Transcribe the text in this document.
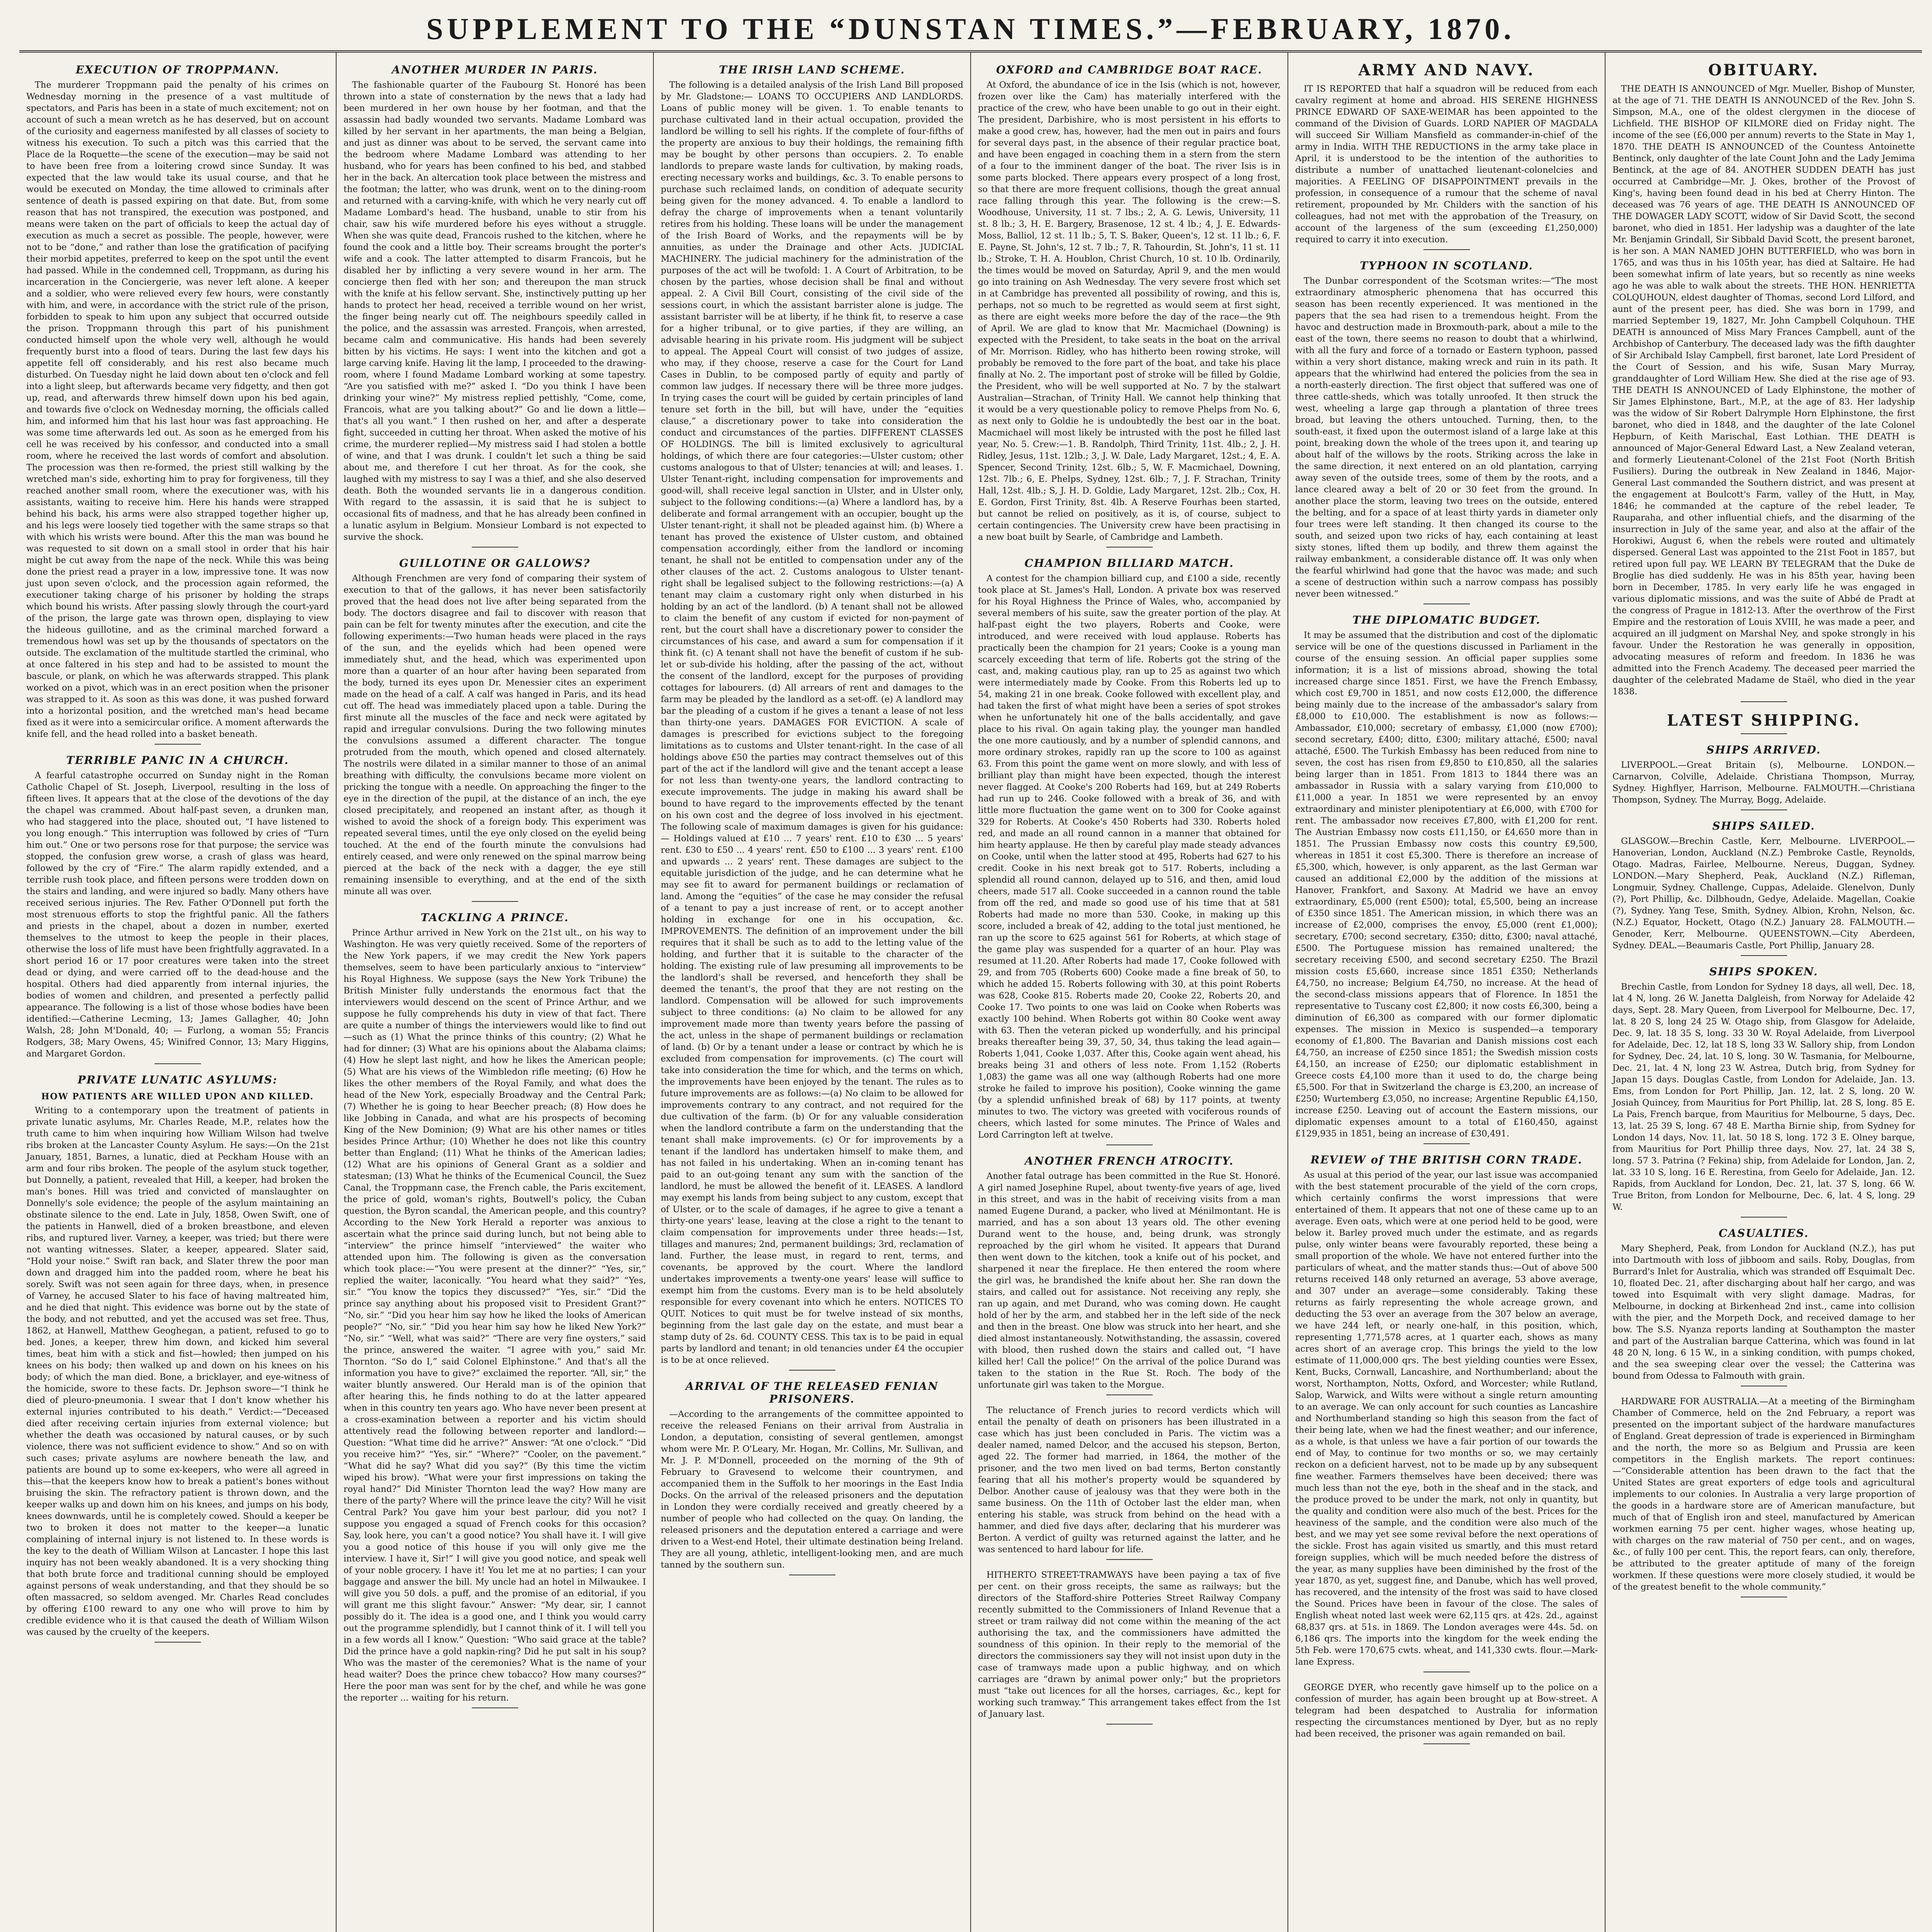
SUPPLEMENT TO THE “DUNSTAN TIMES.”—FEBRUARY, 1870.
EXECUTION OF TROPPMANN.

The murderer Troppmann paid the penalty of his crimes on Wednesday morning in the presence of a vast multitude of spectators, and Paris has been in a state of much excitement; not on account of such a mean wretch as he has deserved, but on account of the curiosity and eagerness manifested by all classes of society to witness his execution. To such a pitch was this carried that the Place de la Roquette—the scene of the execution—may be said not to have been free from a loitering crowd since Sunday. It was expected that the law would take its usual course, and that he would be executed on Monday, the time allowed to criminals after sentence of death is passed expiring on that date. But, from some reason that has not transpired, the execution was postponed, and means were taken on the part of officials to keep the actual day of execution as much a secret as possible. The people, however, were not to be “done,” and rather than lose the gratification of pacifying their morbid appetites, preferred to keep on the spot until the event had passed. While in the condemned cell, Troppmann, as during his incarceration in the Conciergerie, was never left alone. A keeper and a soldier, who were relieved every few hours, were constantly with him, and were, in accordance with the strict rule of the prison, forbidden to speak to him upon any subject that occurred outside the prison. Troppmann through this part of his punishment conducted himself upon the whole very well, although he would frequently burst into a flood of tears. During the last few days his appetite fell off considerably, and his rest also became much disturbed. On Tuesday night he laid down about ten o'clock and fell into a light sleep, but afterwards became very fidgetty, and then got up, read, and afterwards threw himself down upon his bed again, and towards five o'clock on Wednesday morning, the officials called him, and informed him that his last hour was fast approaching. He was some time afterwards led out. As soon as he emerged from his cell he was received by his confessor, and conducted into a small room, where he received the last words of comfort and absolution. The procession was then re-formed, the priest still walking by the wretched man's side, exhorting him to pray for forgiveness, till they reached another small room, where the executioner was, with his assistants, waiting to receive him. Here his hands were strapped behind his back, his arms were also strapped together higher up, and his legs were loosely tied together with the same straps so that with which his wrists were bound. After this the man was bound he was requested to sit down on a small stool in order that his hair might be cut away from the nape of the neck. While this was being done the priest read a prayer in a low, impressive tone. It was now just upon seven o'clock, and the procession again reformed, the executioner taking charge of his prisoner by holding the straps which bound his wrists. After passing slowly through the court-yard of the prison, the large gate was thrown open, displaying to view the hideous guillotine, and as the criminal marched forward a tremendous howl was set up by the thousands of spectators on the outside. The exclamation of the multitude startled the criminal, who at once faltered in his step and had to be assisted to mount the bascule, or plank, on which he was afterwards strapped. This plank worked on a pivot, which was in an erect position when the prisoner was strapped to it. As soon as this was done, it was pushed forward into a horizontal position, and the wretched man's head became fixed as it were into a semicircular orifice. A moment afterwards the knife fell, and the head rolled into a basket beneath.

TERRIBLE PANIC IN A CHURCH.

A fearful catastrophe occurred on Sunday night in the Roman Catholic Chapel of St. Joseph, Liverpool, resulting in the loss of fifteen lives. It appears that at the close of the devotions of the day the chapel was crammed. About half-past seven, a drunken man, who had staggered into the place, shouted out, “I have listened to you long enough.” This interruption was followed by cries of “Turn him out.” One or two persons rose for that purpose; the service was stopped, the confusion grew worse, a crash of glass was heard, followed by the cry of “Fire.” The alarm rapidly extended, and a terrible rush took place, and fifteen persons were trodden down on the stairs and landing, and were injured so badly. Many others have received serious injuries. The Rev. Father O'Donnell put forth the most strenuous efforts to stop the frightful panic. All the fathers and priests in the chapel, about a dozen in number, exerted themselves to the utmost to keep the people in their places, otherwise the loss of life must have been frightfully aggravated. In a short period 16 or 17 poor creatures were taken into the street dead or dying, and were carried off to the dead-house and the hospital. Others had died apparently from internal injuries, the bodies of women and children, and presented a perfectly pallid appearance. The following is a list of those whose bodies have been identified:—Catherine Lecming, 13; James Gallagher, 40; John Walsh, 28; John M'Donald, 40; — Furlong, a woman 55; Francis Rodgers, 38; Mary Owens, 45; Winifred Connor, 13; Mary Higgins, and Margaret Gordon.

PRIVATE LUNATIC ASYLUMS:
HOW PATIENTS ARE WILLED UPON AND KILLED.

Writing to a contemporary upon the treatment of patients in private lunatic asylums, Mr. Charles Reade, M.P., relates how the truth came to him when inquiring how William Wilson had twelve ribs broken at the Lancaster County Asylum. He says:—On the 21st January, 1851, Barnes, a lunatic, died at Peckham House with an arm and four ribs broken. The people of the asylum stuck together, but Donnelly, a patient, revealed that Hill, a keeper, had broken the man's bones. Hill was tried and convicted of manslaughter on Donnelly's sole evidence; the people of the asylum maintaining an obstinate silence to the end. Late in July, 1858, Owen Swift, one of the patients in Hanwell, died of a broken breastbone, and eleven ribs, and ruptured liver. Varney, a keeper, was tried; but there were not wanting witnesses. Slater, a keeper, appeared. Slater said, “Hold your noise.” Swift ran back, and Slater threw the poor man down and dragged him into the padded room, where he beat his sorely. Swift was not seen again for three days, when, in presence of Varney, he accused Slater to his face of having maltreated him, and he died that night. This evidence was borne out by the state of the body, and not rebutted, and yet the accused was set free. Thus, 1862, at Hanwell, Matthew Geoghegan, a patient, refused to go to bed. Jones, a keeper, threw him down, and kicked him several times, beat him with a stick and fist—howled; then jumped on his knees on his body; then walked up and down on his knees on his body; of which the man died. Bone, a bricklayer, and eye-witness of the homicide, swore to these facts. Dr. Jephson swore—“I think he died of pleuro-pneumonia. I swear that I don't know whether his external injuries contributed to his death.” Verdict:—“Deceased died after receiving certain injuries from external violence; but whether the death was occasioned by natural causes, or by such violence, there was not sufficient evidence to show.” And so on with such cases; private asylums are nowhere beneath the law, and patients are bound up to some ex-keepers, who were all agreed in this—that the keepers know how to break a patient's bones without bruising the skin. The refractory patient is thrown down, and the keeper walks up and down him on his knees, and jumps on his body, knees downwards, until he is completely cowed. Should a keeper be two to broken it does not matter to the keeper—a lunatic complaining of internal injury is not listened to. In these words is the key to the death of William Wilson at Lancaster. I hope this last inquiry has not been weakly abandoned. It is a very shocking thing that both brute force and traditional cunning should be employed against persons of weak understanding, and that they should be so often massacred, so seldom avenged. Mr. Charles Read concludes by offering £100 reward to any one who will prove to him by credible evidence who it is that caused the death of William Wilson was caused by the cruelty of the keepers.

ANOTHER MURDER IN PARIS.

The fashionable quarter of the Faubourg St. Honoré has been thrown into a state of consternation by the news that a lady had been murdered in her own house by her footman, and that the assassin had badly wounded two servants. Madame Lombard was killed by her servant in her apartments, the man being a Belgian, and just as dinner was about to be served, the servant came into the bedroom where Madame Lombard was attending to her husband, who for years has been confined to his bed, and stabbed her in the back. An altercation took place between the mistress and the footman; the latter, who was drunk, went on to the dining-room and returned with a carving-knife, with which he very nearly cut off Madame Lombard's head. The husband, unable to stir from his chair, saw his wife murdered before his eyes without a struggle. When she was quite dead, Francois rushed to the kitchen, where he found the cook and a little boy. Their screams brought the porter's wife and a cook. The latter attempted to disarm Francois, but he disabled her by inflicting a very severe wound in her arm. The concierge then fled with her son; and thereupon the man struck with the knife at his fellow servant. She, instinctively putting up her hands to protect her head, received a terrible wound on her wrist, the finger being nearly cut off. The neighbours speedily called in the police, and the assassin was arrested. François, when arrested, became calm and communicative. His hands had been severely bitten by his victims. He says: I went into the kitchen and got a large carving knife. Having lit the lamp, I proceeded to the drawing-room, where I found Madame Lombard working at some tapestry. “Are you satisfied with me?” asked I. “Do you think I have been drinking your wine?” My mistress replied pettishly, “Come, come, Francois, what are you talking about?” Go and lie down a little—that's all you want.” I then rushed on her, and after a desperate fight, succeeded in cutting her throat. When asked the motive of his crime, the murderer replied—My mistress said I had stolen a bottle of wine, and that I was drunk. I couldn't let such a thing be said about me, and therefore I cut her throat. As for the cook, she laughed with my mistress to say I was a thief, and she also deserved death. Both the wounded servants lie in a dangerous condition. With regard to the assassin, it is said that he is subject to occasional fits of madness, and that he has already been confined in a lunatic asylum in Belgium. Monsieur Lombard is not expected to survive the shock.

GUILLOTINE OR GALLOWS?

Although Frenchmen are very fond of comparing their system of execution to that of the gallows, it has never been satisfactorily proved that the head does not live after being separated from the body. The doctors disagree and fail to discover with reason that pain can be felt for twenty minutes after the execution, and cite the following experiments:—Two human heads were placed in the rays of the sun, and the eyelids which had been opened were immediately shut, and the head, which was experimented upon more than a quarter of an hour after having been separated from the body, turned its eyes upon Dr. Menessier cites an experiment made on the head of a calf. A calf was hanged in Paris, and its head cut off. The head was immediately placed upon a table. During the first minute all the muscles of the face and neck were agitated by rapid and irregular convulsions. During the two following minutes the convulsions assumed a different character. The tongue protruded from the mouth, which opened and closed alternately. The nostrils were dilated in a similar manner to those of an animal breathing with difficulty, the convulsions became more violent on pricking the tongue with a needle. On approaching the finger to the eye in the direction of the pupil, at the distance of an inch, the eye closed precipitately, and reopened an instant after, as though it wished to avoid the shock of a foreign body. This experiment was repeated several times, until the eye only closed on the eyelid being touched. At the end of the fourth minute the convulsions had entirely ceased, and were only renewed on the spinal marrow being pierced at the back of the neck with a dagger, the eye still remaining insensible to everything, and at the end of the sixth minute all was over.

TACKLING A PRINCE.

Prince Arthur arrived in New York on the 21st ult., on his way to Washington. He was very quietly received. Some of the reporters of the New York papers, if we may credit the New York papers themselves, seem to have been particularly anxious to “interview” his Royal Highness. We suppose (says the New York Tribune) the British Minister fully understands the enormous fact that the interviewers would descend on the scent of Prince Arthur, and we suppose he fully comprehends his duty in view of that fact. There are quite a number of things the interviewers would like to find out—such as (1) What the prince thinks of this country; (2) What he had for dinner; (3) What are his opinions about the Alabama claims; (4) How he slept last night, and how he likes the American people; (5) What are his views of the Wimbledon rifle meeting; (6) How he likes the other members of the Royal Family, and what does the head of the New York, especially Broadway and the Central Park; (7) Whether he is going to hear Beecher preach; (8) How does he like Jobbing in Canada, and what are his prospects of becoming King of the New Dominion; (9) What are his other names or titles besides Prince Arthur; (10) Whether he does not like this country better than England; (11) What he thinks of the American ladies; (12) What are his opinions of General Grant as a soldier and statesman; (13) What he thinks of the Ecumenical Council, the Suez Canal, the Troppmann case, the French cable, the Paris excitement, the price of gold, woman's rights, Boutwell's policy, the Cuban question, the Byron scandal, the American people, and this country? According to the New York Herald a reporter was anxious to ascertain what the prince said during lunch, but not being able to “interview” the prince himself “interviewed” the waiter who attended upon him. The following is given as the conversation which took place:—“You were present at the dinner?” “Yes, sir,” replied the waiter, laconically. “You heard what they said?” “Yes, sir.” “You know the topics they discussed?” “Yes, sir.” “Did the prince say anything about his proposed visit to President Grant?” “No, sir.” “Did you hear him say how he liked the looks of American people?” “No, sir.” “Did you hear him say how he liked New York?” “No, sir.” “Well, what was said?” “There are very fine oysters,” said the prince, answered the waiter. “I agree with you,” said Mr. Thornton. “So do I,” said Colonel Elphinstone.” And that's all the information you have to give?” exclaimed the reporter. “All, sir,” the waiter bluntly answered. Our Herald man is of the opinion that after hearing this, he finds nothing to do at the latter appeared when in this country ten years ago. Who have never been present at a cross-examination between a reporter and his victim should attentively read the following between reporter and landlord:—Question: “What time did he arrive?” Answer: “At one o'clock.” “Did you receive him?” “Yes, sir.” “Where?” “Cooler, on the pavement.” “What did he say? What did you say?” (By this time the victim wiped his brow). “What were your first impressions on taking the royal hand?” Did Minister Thornton lead the way? How many are there of the party? Where will the prince leave the city? Will he visit Central Park? You gave him your best parlour, did you not? I suppose you engaged a squad of French cooks for this occasion? Say, look here, you can't a good notice? You shall have it. I will give you a good notice of this house if you will only give me the interview. I have it, Sir!” I will give you good notice, and speak well of your noble grocery. I have it! You let me at no parties; I can your baggage and answer the bill. My uncle had an hotel in Milwaukee. I will give you 50 dols. a puff, and the promise of an editorial, if you will grant me this slight favour.” Answer: “My dear, sir, I cannot possibly do it. The idea is a good one, and I think you would carry out the programme splendidly, but I cannot think of it. I will tell you in a few words all I know.” Question: “Who said grace at the table? Did the prince have a gold napkin-ring? Did he put salt in his soup? Who was the master of the ceremonies? What is the name of your head waiter? Does the prince chew tobacco? How many courses?” Here the poor man was sent for by the chef, and while he was gone the reporter ... waiting for his return.

THE IRISH LAND SCHEME.

The following is a detailed analysis of the Irish Land Bill proposed by Mr. Gladstone:— LOANS TO OCCUPIERS AND LANDLORDS. Loans of public money will be given. 1. To enable tenants to purchase cultivated land in their actual occupation, provided the landlord be willing to sell his rights. If the complete of four-fifths of the property are anxious to buy their holdings, the remaining fifth may be bought by other persons than occupiers. 2. To enable landlords to prepare waste lands for cultivation, by making roads, erecting necessary works and buildings, &c. 3. To enable persons to purchase such reclaimed lands, on condition of adequate security being given for the money advanced. 4. To enable a landlord to defray the charge of improvements when a tenant voluntarily retires from his holding. These loans will be under the management of the Irish Board of Works, and the repayments will be by annuities, as under the Drainage and other Acts. JUDICIAL MACHINERY. The judicial machinery for the administration of the purposes of the act will be twofold: 1. A Court of Arbitration, to be chosen by the parties, whose decision shall be final and without appeal. 2. A Civil Bill Court, consisting of the civil side of the sessions court, in which the assistant barrister alone is judge. The assistant barrister will be at liberty, if he think fit, to reserve a case for a higher tribunal, or to give parties, if they are willing, an advisable hearing in his private room. His judgment will be subject to appeal. The Appeal Court will consist of two judges of assize, who may, if they choose, reserve a case for the Court for Land Cases in Dublin, to be composed partly of equity and partly of common law judges. If necessary there will be three more judges. In trying cases the court will be guided by certain principles of land tenure set forth in the bill, but will have, under the “equities clause,” a discretionary power to take into consideration the conduct and circumstances of the parties. DIFFERENT CLASSES OF HOLDINGS. The bill is limited exclusively to agricultural holdings, of which there are four categories:—Ulster custom; other customs analogous to that of Ulster; tenancies at will; and leases. 1. Ulster Tenant-right, including compensation for improvements and good-will, shall receive legal sanction in Ulster, and in Ulster only, subject to the following conditions:—(a) Where a landlord has, by a deliberate and formal arrangement with an occupier, bought up the Ulster tenant-right, it shall not be pleaded against him. (b) Where a tenant has proved the existence of Ulster custom, and obtained compensation accordingly, either from the landlord or incoming tenant, he shall not be entitled to compensation under any of the other clauses of the act. 2. Customs analogous to Ulster tenant-right shall be legalised subject to the following restrictions:—(a) A tenant may claim a customary right only when disturbed in his holding by an act of the landlord. (b) A tenant shall not be allowed to claim the benefit of any custom if evicted for non-payment of rent, but the court shall have a discretionary power to consider the circumstances of his case, and award a sum for compensation if it think fit. (c) A tenant shall not have the benefit of custom if he sub-let or sub-divide his holding, after the passing of the act, without the consent of the landlord, except for the purposes of providing cottages for labourers. (d) All arrears of rent and damages to the farm may be pleaded by the landlord as a set-off. (e) A landlord may bar the pleading of a custom if he gives a tenant a lease of not less than thirty-one years. DAMAGES FOR EVICTION. A scale of damages is prescribed for evictions subject to the foregoing limitations as to customs and Ulster tenant-right. In the case of all holdings above £50 the parties may contract themselves out of this part of the act if the landlord will give and the tenant accept a lease for not less than twenty-one years, the landlord contracting to execute improvements. The judge in making his award shall be bound to have regard to the improvements effected by the tenant on his own cost and the degree of loss involved in his ejectment. The following scale of maximum damages is given for his guidance:— Holdings valued at £10 ... 7 years' rent. £10 to £30 ... 5 years' rent. £30 to £50 ... 4 years' rent. £50 to £100 ... 3 years' rent. £100 and upwards ... 2 years' rent. These damages are subject to the equitable jurisdiction of the judge, and he can determine what he may see fit to award for permanent buildings or reclamation of land. Among the “equities” of the case he may consider the refusal of a tenant to pay a just increase of rent, or to accept another holding in exchange for one in his occupation, &c. IMPROVEMENTS. The definition of an improvement under the bill requires that it shall be such as to add to the letting value of the holding, and further that it is suitable to the character of the holding. The existing rule of law presuming all improvements to be the landlord's shall be reversed, and henceforth they shall be deemed the tenant's, the proof that they are not resting on the landlord. Compensation will be allowed for such improvements subject to three conditions: (a) No claim to be allowed for any improvement made more than twenty years before the passing of the act, unless in the shape of permanent buildings or reclamation of land. (b) Or by a tenant under a lease or contract by which he is excluded from compensation for improvements. (c) The court will take into consideration the time for which, and the terms on which, the improvements have been enjoyed by the tenant. The rules as to future improvements are as follows:—(a) No claim to be allowed for improvements contrary to any contract, and not required for the due cultivation of the farm. (b) Or for any valuable consideration when the landlord contribute a farm on the understanding that the tenant shall make improvements. (c) Or for improvements by a tenant if the landlord has undertaken himself to make them, and has not failed in his undertaking. When an in-coming tenant has paid to an out-going tenant any sum with the sanction of the landlord, he must be allowed the benefit of it. LEASES. A landlord may exempt his lands from being subject to any custom, except that of Ulster, or to the scale of damages, if he agree to give a tenant a thirty-one years' lease, leaving at the close a right to the tenant to claim compensation for improvements under three heads:—1st, tillages and manures; 2nd, permanent buildings; 3rd, reclamation of land. Further, the lease must, in regard to rent, terms, and covenants, be approved by the court. Where the landlord undertakes improvements a twenty-one years' lease will suffice to exempt him from the customs. Every man is to be held absolutely responsible for every covenant into which he enters. NOTICES TO QUIT. Notices to quit must be for twelve instead of six months, beginning from the last gale day on the estate, and must bear a stamp duty of 2s. 6d. COUNTY CESS. This tax is to be paid in equal parts by landlord and tenant; in old tenancies under £4 the occupier is to be at once relieved.

ARRIVAL OF THE RELEASED FENIAN PRISONERS.

—According to the arrangements of the committee appointed to receive the released Fenians on their arrival from Australia in London, a deputation, consisting of several gentlemen, amongst whom were Mr. P. O'Leary, Mr. Hogan, Mr. Collins, Mr. Sullivan, and Mr. J. P. M'Donnell, proceeded on the morning of the 9th of February to Gravesend to welcome their countrymen, and accompanied them in the Suffolk to her moorings in the East India Docks. On the arrival of the released prisoners and the deputation in London they were cordially received and greatly cheered by a number of people who had collected on the quay. On landing, the released prisoners and the deputation entered a carriage and were driven to a West-end Hotel, their ultimate destination being Ireland. They are all young, athletic, intelligent-looking men, and are much tanned by the southern sun.

OXFORD and CAMBRIDGE BOAT RACE.

At Oxford, the abundance of ice in the Isis (which is not, however, frozen over like the Cam) has materially interfered with the practice of the crew, who have been unable to go out in their eight. The president, Darbishire, who is most persistent in his efforts to make a good crew, has, however, had the men out in pairs and fours for several days past, in the absence of their regular practice boat, and have been engaged in coaching them in a stern from the stern of a four to the imminent danger of the boat. The river Isis is in some parts blocked. There appears every prospect of a long frost, so that there are more frequent collisions, though the great annual race falling through this year. The following is the crew:—S. Woodhouse, University, 11 st. 7 lbs.; 2, A. G. Lewis, University, 11 st. 8 lb.; 3, H. E. Bargery, Brasenose, 12 st. 4 lb.; 4, J. E. Edwards-Moss, Balliol, 12 st. 11 lb.; 5, T. S. Baker, Queen's, 12 st. 11 lb.; 6, F. E. Payne, St. John's, 12 st. 7 lb.; 7, R. Tahourdin, St. John's, 11 st. 11 lb.; Stroke, T. H. A. Houblon, Christ Church, 10 st. 10 lb. Ordinarily, the times would be moved on Saturday, April 9, and the men would go into training on Ash Wednesday. The very severe frost which set in at Cambridge has prevented all possibility of rowing, and this is, perhaps, not so much to be regretted as would seem at first sight, as there are eight weeks more before the day of the race—the 9th of April. We are glad to know that Mr. Macmichael (Downing) is expected with the President, to take seats in the boat on the arrival of Mr. Morrison. Ridley, who has hitherto been rowing stroke, will probably be removed to the fore part of the boat, and take his place finally at No. 2. The important post of stroke will be filled by Goldie, the President, who will be well supported at No. 7 by the stalwart Australian—Strachan, of Trinity Hall. We cannot help thinking that it would be a very questionable policy to remove Phelps from No. 6, as next only to Goldie he is undoubtedly the best oar in the boat. Macmichael will most likely be intrusted with the post he filled last year, No. 5. Crew:—1. B. Randolph, Third Trinity, 11st. 4lb.; 2, J. H. Ridley, Jesus, 11st. 12lb.; 3, J. W. Dale, Lady Margaret, 12st.; 4, E. A. Spencer, Second Trinity, 12st. 6lb.; 5, W. F. Macmichael, Downing, 12st. 7lb.; 6, E. Phelps, Sydney, 12st. 6lb.; 7, J. F. Strachan, Trinity Hall, 12st. 4lb.; S, J. H. D. Goldie, Lady Margaret, 12st. 2lb.; Cox, H. E. Gordon, First Trinity, 8st. 4lb. A Reserve Fourhas been started, but cannot be relied on positively, as it is, of course, subject to certain contingencies. The University crew have been practising in a new boat built by Searle, of Cambridge and Lambeth.

CHAMPION BILLIARD MATCH.

A contest for the champion billiard cup, and £100 a side, recently took place at St. James's Hall, London. A private box was reserved for his Royal Highness the Prince of Wales, who, accompanied by several members of his suite, saw the greater portion of the play. At half-past eight the two players, Roberts and Cooke, were introduced, and were received with loud applause. Roberts has practically been the champion for 21 years; Cooke is a young man scarcely exceeding that term of life. Roberts got the string of the cast, and, making cautious play, ran up to 25 as against two which were intermediately made by Cooke. From this Roberts led up to 54, making 21 in one break. Cooke followed with excellent play, and had taken the first of what might have been a series of spot strokes when he unfortunately hit one of the balls accidentally, and gave place to his rival. On again taking play, the younger man handled the one more cautiously, and by a number of splendid cannons, and more ordinary strokes, rapidly ran up the score to 100 as against 63. From this point the game went on more slowly, and with less of brilliant play than might have been expected, though the interest never flagged. At Cooke's 200 Roberts had 169, but at 249 Roberts had run up to 246. Cooke followed with a break of 36, and with little more fluctuation the game went on to 300 for Cooke against 329 for Roberts. At Cooke's 450 Roberts had 330. Roberts holed red, and made an all round cannon in a manner that obtained for him hearty applause. He then by careful play made steady advances on Cooke, until when the latter stood at 495, Roberts had 627 to his credit. Cooke in his next break got to 517. Roberts, including a splendid all round cannon, delayed up to 516, and then, amid loud cheers, made 517 all. Cooke succeeded in a cannon round the table from off the red, and made so good use of his time that at 581 Roberts had made no more than 530. Cooke, in making up this score, included a break of 42, adding to the total just mentioned, he ran up the score to 625 against 561 for Roberts, at which stage of the game play was suspended for a quarter of an hour. Play was resumed at 11.20. After Roberts had made 17, Cooke followed with 29, and from 705 (Roberts 600) Cooke made a fine break of 50, to which he added 15. Roberts following with 30, at this point Roberts was 628, Cooke 815. Roberts made 20, Cooke 22, Roberts 20, and Cooke 17. Two points to one was laid on Cooke when Roberts was exactly 100 behind. When Roberts got within 80 Cooke went away with 63. Then the veteran picked up wonderfully, and his principal breaks thereafter being 39, 37, 50, 34, thus taking the lead again—Roberts 1,041, Cooke 1,037. After this, Cooke again went ahead, his breaks being 31 and others of less note. From 1,152 (Roberts 1,083) the game was all one way (although Roberts had one more stroke he failed to improve his position), Cooke winning the game (by a splendid unfinished break of 68) by 117 points, at twenty minutes to two. The victory was greeted with vociferous rounds of cheers, which lasted for some minutes. The Prince of Wales and Lord Carrington left at twelve.

ANOTHER FRENCH ATROCITY.

Another fatal outrage has been committed in the Rue St. Honoré. A girl named Josephine Rupel, about twenty-five years of age, lived in this street, and was in the habit of receiving visits from a man named Eugene Durand, a packer, who lived at Ménilmontant. He is married, and has a son about 13 years old. The other evening Durand went to the house, and, being drunk, was strongly reproached by the girl whom he visited. It appears that Durand then went down to the kitchen, took a knife out of his pocket, and sharpened it near the fireplace. He then entered the room where the girl was, he brandished the knife about her. She ran down the stairs, and called out for assistance. Not receiving any reply, she ran up again, and met Durand, who was coming down. He caught hold of her by the arm, and stabbed her in the left side of the neck and then in the breast. One blow was struck into her heart, and she died almost instantaneously. Notwithstanding, the assassin, covered with blood, then rushed down the stairs and called out, “I have killed her! Call the police!” On the arrival of the police Durand was taken to the station in the Rue St. Roch. The body of the unfortunate girl was taken to the Morgue.

The reluctance of French juries to record verdicts which will entail the penalty of death on prisoners has been illustrated in a case which has just been concluded in Paris. The victim was a dealer named, named Delcor, and the accused his stepson, Berton, aged 22. The former had married, in 1864, the mother of the prisoner, and the two men lived on bad terms, Berton constantly fearing that all his mother's property would be squandered by Delbor. Another cause of jealousy was that they were both in the same business. On the 11th of October last the elder man, when entering his stable, was struck from behind on the head with a hammer, and died five days after, declaring that his murderer was Berton. A verdict of guilty was returned against the latter, and he was sentenced to hard labour for life.

HITHERTO STREET-TRAMWAYS have been paying a tax of five per cent. on their gross receipts, the same as railways; but the directors of the Stafford-shire Potteries Street Railway Company recently submitted to the Commissioners of Inland Revenue that a street or tram railway did not come within the meaning of the act authorising the tax, and the commissioners have admitted the soundness of this opinion. In their reply to the memorial of the directors the commissioners say they will not insist upon duty in the case of tramways made upon a public highway, and on which carriages are “drawn by animal power only;” but the proprietors must “take out licences for all the horses, carriages, &c., kept for working such tramway.” This arrangement takes effect from the 1st of January last.

ARMY AND NAVY.

IT IS REPORTED that half a squadron will be reduced from each cavalry regiment at home and abroad. HIS SERENE HIGHNESS PRINCE EDWARD OF SAXE-WEIMAR has been appointed to the command of the Division of Guards. LORD NAPIER OF MAGDALA will succeed Sir William Mansfield as commander-in-chief of the army in India. WITH THE REDUCTIONS in the army take place in April, it is understood to be the intention of the authorities to distribute a number of unattached lieutenant-colonelcies and majorities. A FEELING OF DISAPPOINTMENT prevails in the profession, in consequence of a rumour that the scheme of naval retirement, propounded by Mr. Childers with the sanction of his colleagues, had not met with the approbation of the Treasury, on account of the largeness of the sum (exceeding £1,250,000) required to carry it into execution.

TYPHOON IN SCOTLAND.

The Dunbar correspondent of the Scotsman writes:—“The most extraordinary atmospheric phenomena that has occurred this season has been recently experienced. It was mentioned in the papers that the sea had risen to a tremendous height. From the havoc and destruction made in Broxmouth-park, about a mile to the east of the town, there seems no reason to doubt that a whirlwind, with all the fury and force of a tornado or Eastern typhoon, passed within a very short distance, making wreck and ruin in its path. It appears that the whirlwind had entered the policies from the sea in a north-easterly direction. The first object that suffered was one of three cattle-sheds, which was totally unroofed. It then struck the west, wheeling a large gap through a plantation of three trees broad, but leaving the others untouched. Turning, then, to the south-east, it fixed upon the outermost island of a large lake at this point, breaking down the whole of the trees upon it, and tearing up about half of the willows by the roots. Striking across the lake in the same direction, it next entered on an old plantation, carrying away seven of the outside trees, some of them by the roots, and a lance cleared away a belt of 20 or 30 feet from the ground. In another place the storm, leaving two trees on the outside, entered the belting, and for a space of at least thirty yards in diameter only four trees were left standing. It then changed its course to the south, and seized upon two ricks of hay, each containing at least sixty stones, lifted them up bodily, and threw them against the railway embankment, a considerable distance off. It was only when the fearful whirlwind had gone that the havoc was made; and such a scene of destruction within such a narrow compass has possibly never been witnessed.”

THE DIPLOMATIC BUDGET.

It may be assumed that the distribution and cost of the diplomatic service will be one of the questions discussed in Parliament in the course of the ensuing session. An official paper supplies some information; it is a list of missions abroad, showing the total increased charge since 1851. First, we have the French Embassy, which cost £9,700 in 1851, and now costs £12,000, the difference being mainly due to the increase of the ambassador's salary from £8,000 to £10,000. The establishment is now as follows:—Ambassador, £10,000; secretary of embassy, £1,000 (now £700); second secretary, £400; ditto, £300; military attaché, £500; naval attaché, £500. The Turkish Embassy has been reduced from nine to seven, the cost has risen from £9,850 to £10,850, all the salaries being larger than in 1851. From 1813 to 1844 there was an ambassador in Russia with a salary varying from £10,000 to £11,000 a year. In 1851 we were represented by an envoy extraordinary and minister plenipotentiary at £6,000, with £700 for rent. The ambassador now receives £7,800, with £1,200 for rent. The Austrian Embassy now costs £11,150, or £4,650 more than in 1851. The Prussian Embassy now costs this country £9,500, whereas in 1851 it cost £5,300. There is therefore an increase of £5,300, which, however, is only apparent, as the last German war caused an additional £2,000 by the addition of the missions at Hanover, Frankfort, and Saxony. At Madrid we have an envoy extraordinary, £5,000 (rent £500); total, £5,500, being an increase of £350 since 1851. The American mission, in which there was an increase of £2,000, comprises the envoy, £5,000 (rent £1,000); secretary, £700; second secretary, £350; ditto, £300; naval attaché, £500. The Portuguese mission has remained unaltered; the secretary receiving £500, and second secretary £250. The Brazil mission costs £5,660, increase since 1851 £350; Netherlands £4,750, no increase; Belgium £4,750, no increase. At the head of the second-class missions appears that of Florence. In 1851 the representative to Tuscany cost £2,800; it now costs £6,300, being a diminution of £6,300 as compared with our former diplomatic expenses. The mission in Mexico is suspended—a temporary economy of £1,800. The Bavarian and Danish missions cost each £4,750, an increase of £250 since 1851; the Swedish mission costs £4,150, an increase of £250; our diplomatic establishment in Greece costs £4,100 more than it used to do, the charge being £5,500. For that in Switzerland the charge is £3,200, an increase of £250; Wurtemberg £3,050, no increase; Argentine Republic £4,150, increase £250. Leaving out of account the Eastern missions, our diplomatic expenses amount to a total of £160,450, against £129,935 in 1851, being an increase of £30,491.

REVIEW of THE BRITISH CORN TRADE.

As usual at this period of the year, our last issue was accompanied with the best statement procurable of the yield of the corn crops, which certainly confirms the worst impressions that were entertained of them. It appears that not one of these came up to an average. Even oats, which were at one period held to be good, were below it. Barley proved much under the estimate, and as regards pulse, only winter beans were favourably reported, these being a small proportion of the whole. We have not entered further into the particulars of wheat, and the matter stands thus:—Out of above 500 returns received 148 only returned an average, 53 above average, and 307 under an average—some considerably. Taking these returns as fairly representing the whole acreage grown, and deducting the 53 over an average from the 307 below an average, we have 244 left, or nearly one-half, in this position, which, representing 1,771,578 acres, at 1 quarter each, shows as many acres short of an average crop. This brings the yield to the low estimate of 11,000,000 qrs. The best yielding counties were Essex, Kent, Bucks, Cornwall, Lancashire, and Northumberland; about the worst, Northampton, Notts, Oxford, and Worcester; while Rutland, Salop, Warwick, and Wilts were without a single return amounting to an average. We can only account for such counties as Lancashire and Northumberland standing so high this season from the fact of their being late, when we had the finest weather; and our inference, as a whole, is that unless we have a fair portion of our towards the end of May, to continue for two months or so, we may certainly reckon on a deficient harvest, not to be made up by any subsequent fine weather. Farmers themselves have been deceived; there was much less than not the eye, both in the sheaf and in the stack, and the produce proved to be under the mark, not only in quantity, but the quality and condition were also much of the best. Prices for the heaviness of the sample, and the condition were also much of the best, and we may yet see some revival before the next operations of the sickle. Frost has again visited us smartly, and this must retard foreign supplies, which will be much needed before the distress of the year, as many supplies have been diminished by the frost of the year 1870, as yet, suggest fine, and Danube, which has well proved, has recovered, and the intensity of the frost was said to have closed the Sound. Prices have been in favour of the close. The sales of English wheat noted last week were 62,115 qrs. at 42s. 2d., against 68,837 qrs. at 51s. in 1869. The London averages were 44s. 5d. on 6,186 qrs. The imports into the kingdom for the week ending the 5th Feb. were 170,675 cwts. wheat, and 141,330 cwts. flour.—Mark-lane Express.

GEORGE DYER, who recently gave himself up to the police on a confession of murder, has again been brought up at Bow-street. A telegram had been despatched to Australia for information respecting the circumstances mentioned by Dyer, but as no reply had been received, the prisoner was again remanded on bail.

OBITUARY.

THE DEATH IS ANNOUNCED of Mgr. Mueller, Bishop of Munster, at the age of 71. THE DEATH IS ANNOUNCED of the Rev. John S. Simpson, M.A., one of the oldest clergymen in the diocese of Lichfield. THE BISHOP OF KILMORE died on Friday night. The income of the see (£6,000 per annum) reverts to the State in May 1, 1870. THE DEATH IS ANNOUNCED of the Countess Antoinette Bentinck, only daughter of the late Count John and the Lady Jemima Bentinck, at the age of 84. ANOTHER SUDDEN DEATH has just occurred at Cambridge—Mr. J. Okes, brother of the Provost of King's, having been found dead in his bed at Cherry Hinton. The deceased was 76 years of age. THE DEATH IS ANNOUNCED OF THE DOWAGER LADY SCOTT, widow of Sir David Scott, the second baronet, who died in 1851. Her ladyship was a daughter of the late Mr. Benjamin Grindall, Sir Sibbald David Scott, the present baronet, is her son. A MAN NAMED JOHN BUTTERFIELD, who was born in 1765, and was thus in his 105th year, has died at Saltaire. He had been somewhat infirm of late years, but so recently as nine weeks ago he was able to walk about the streets. THE HON. HENRIETTA COLQUHOUN, eldest daughter of Thomas, second Lord Lilford, and aunt of the present peer, has died. She was born in 1799, and married September 19, 1827, Mr. John Campbell Colquhoun. THE DEATH is announced of Miss Mary Frances Campbell, aunt of the Archbishop of Canterbury. The deceased lady was the fifth daughter of Sir Archibald Islay Campbell, first baronet, late Lord President of the Court of Session, and his wife, Susan Mary Murray, granddaughter of Lord William Hew. She died at the rise age of 93. THE DEATH IS ANNOUNCED of Lady Elphinstone, the mother of Sir James Elphinstone, Bart., M.P., at the age of 83. Her ladyship was the widow of Sir Robert Dalrymple Horn Elphinstone, the first baronet, who died in 1848, and the daughter of the late Colonel Hepburn, of Keith Marischal, East Lothian. THE DEATH is announced of Major-General Edward Last, a New Zealand veteran, and formerly Lieutenant-Colonel of the 21st Foot (North British Fusiliers). During the outbreak in New Zealand in 1846, Major-General Last commanded the Southern district, and was present at the engagement at Boulcott's Farm, valley of the Hutt, in May, 1846; he commanded at the capture of the rebel leader, Te Rauparaha, and other influential chiefs, and the disarming of the insurrection in July of the same year, and also at the affair of the Horokiwi, August 6, when the rebels were routed and ultimately dispersed. General Last was appointed to the 21st Foot in 1857, but retired upon full pay. WE LEARN BY TELEGRAM that the Duke de Broglie has died suddenly. He was in his 85th year, having been born in December, 1785. In very early life he was engaged in various diplomatic missions, and was the suite of Abbé de Pradt at the congress of Prague in 1812-13. After the overthrow of the First Empire and the restoration of Louis XVIII, he was made a peer, and acquired an ill judgment on Marshal Ney, and spoke strongly in his favour. Under the Restoration he was generally in opposition, advocating measures of reform and freedom. In 1836 he was admitted into the French Academy. The deceased peer married the daughter of the celebrated Madame de Staël, who died in the year 1838.

LATEST SHIPPING.
SHIPS ARRIVED.

LIVERPOOL.—Great Britain (s), Melbourne. LONDON.—Carnarvon, Colville, Adelaide. Christiana Thompson, Murray, Sydney. Highflyer, Harrison, Melbourne. FALMOUTH.—Christiana Thompson, Sydney. The Murray, Bogg, Adelaide.

SHIPS SAILED.

GLASGOW.—Brechin Castle, Kerr, Melbourne. LIVERPOOL.—Hanoverian, London, Auckland (N.Z.) Pembroke Castle, Reynolds, Otago. Madras, Fairlee, Melbourne. Nereus, Duggan, Sydney. LONDON.—Mary Shepherd, Peak, Auckland (N.Z.) Rifleman, Longmuir, Sydney. Challenge, Cuppas, Adelaide. Glenelvon, Dunly (?), Port Phillip, &c. Dilbhoudn, Gedye, Adelaide. Magellan, Coakie (?), Sydney. Yang Tese, Smith, Sydney. Albion, Krohn, Nelson, &c. (N.Z.) Equator, Hockett, Otago (N.Z.) January 28. FALMOUTH.—Genoder, Kerr, Melbourne. QUEENSTOWN.—City Aberdeen, Sydney. DEAL.—Beaumaris Castle, Port Phillip, January 28.

SHIPS SPOKEN.

Brechin Castle, from London for Sydney 18 days, all well, Dec. 18, lat 4 N, long. 26 W. Janetta Dalgleish, from Norway for Adelaide 42 days, Sept. 28. Mary Queen, from Liverpool for Melbourne, Dec. 17, lat. 8 20 S, long 24 25 W. Otago ship, from Glasgow for Adelaide, Dec. 9, lat. 18 35 S, long. 33 30 W. Royal Adelaide, from Liverpool for Adelaide, Dec. 12, lat 18 S, long 33 W. Sallory ship, from London for Sydney, Dec. 24, lat. 10 S, long. 30 W. Tasmania, for Melbourne, Dec. 21, lat. 4 N, long 23 W. Astrea, Dutch brig, from Sydney for Japan 15 days. Douglas Castle, from London for Adelaide, Jan. 13. Ems, from London for Port Phillip, Jan. 12, lat. 2 S, long. 20 W. Josiah Quincey, from Mauritius for Port Phillip, lat. 28 S, long. 85 E. La Pais, French barque, from Mauritius for Melbourne, 5 days, Dec. 13, lat. 25 39 S, long. 67 48 E. Martha Birnie ship, from Sydney for London 14 days, Nov. 11, lat. 50 18 S, long. 172 3 E. Olney barque, from Mauritius for Port Phillip three days, Nov. 27, lat. 24 38 S, long. 57 3. Patrina (? Fekina) ship, from Adelaide for London, Jan. 2, lat. 33 10 S, long. 16 E. Rerestina, from Geelo for Adelaide, Jan. 12. Rapids, from Auckland for London, Dec. 21, lat. 37 S, long. 66 W. True Briton, from London for Melbourne, Dec. 6, lat. 4 S, long. 29 W.

CASUALTIES.

Mary Shepherd, Peak, from London for Auckland (N.Z.), has put into Dartmouth with loss of jibboom and sails. Roby, Douglas, from Burrard's Inlet for Australia, which was stranded off Esquimalt Dec. 10, floated Dec. 21, after discharging about half her cargo, and was towed into Esquimalt with very slight damage. Madras, for Melbourne, in docking at Birkenhead 2nd inst., came into collision with the pier, and the Morpeth Dock, and received damage to her bow. The S.S. Nyanza reports landing at Southampton the master and part of the Australian barque Catterina, which was found in lat 48 20 N, long. 6 15 W., in a sinking condition, with pumps choked, and the sea sweeping clear over the vessel; the Catterina was bound from Odessa to Falmouth with grain.

HARDWARE FOR AUSTRALIA.—At a meeting of the Birmingham Chamber of Commerce, held on the 2nd February, a report was presented on the important subject of the hardware manufactures of England. Great depression of trade is experienced in Birmingham and the north, the more so as Belgium and Prussia are keen competitors in the English markets. The report continues:—“Considerable attention has been drawn to the fact that the United States are great exporters of edge tools and agricultural implements to our colonies. In Australia a very large proportion of the goods in a hardware store are of American manufacture, but much of that of English iron and steel, manufactured by American workmen earning 75 per cent. higher wages, whose heating up, with charges on the raw material of 750 per cent., and on wages, &c., of fully 100 per cent. This, the report fears, can only, therefore, be attributed to the greater aptitude of many of the foreign workmen. If these questions were more closely studied, it would be of the greatest benefit to the whole community.”
